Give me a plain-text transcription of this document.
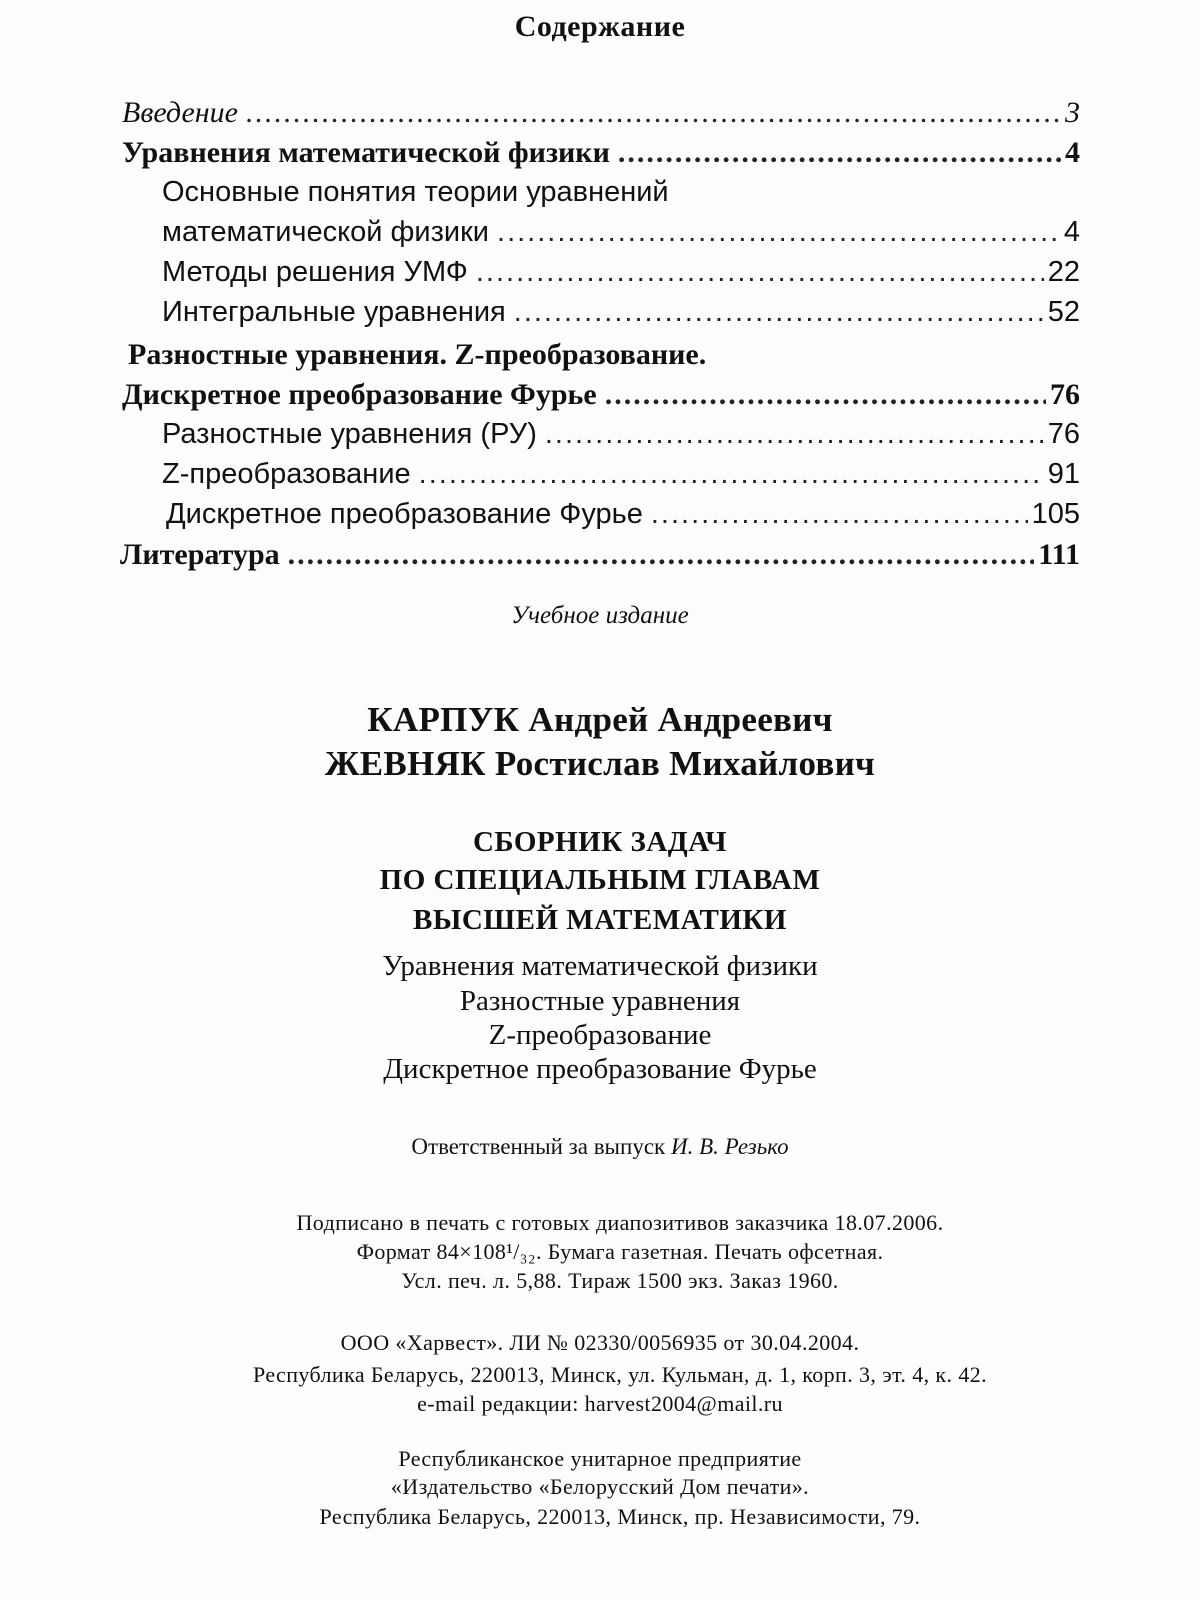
Содержание
Введение .....	3
Уравнения математической физики .....	4
Основные понятия теории уравнений
математической физики .....	4
Методы решения УМФ .....	22
Интегральные уравнения .....	52
Разностные уравнения. Z-преобразование.
Дискретное преобразование Фурье .....	76
Разностные уравнения (РУ) .....	76
Z-преобразование .....	91
Дискретное преобразование Фурье .....	105
Литература .....	111
Учебное издание
КАРПУК Андрей Андреевич
ЖЕВНЯК Ростислав Михайлович
СБОРНИК ЗАДАЧ
ПО СПЕЦИАЛЬНЫМ ГЛАВАМ
ВЫСШЕЙ МАТЕМАТИКИ
Уравнения математической физики
Разностные уравнения
Z-преобразование
Дискретное преобразование Фурье
Ответственный за выпуск И. В. Резько
Подписано в печать с готовых диапозитивов заказчика 18.07.2006.
Формат 84×108¹/₃₂. Бумага газетная. Печать офсетная.
Усл. печ. л. 5,88. Тираж 1500 экз. Заказ 1960.
ООО «Харвест». ЛИ № 02330/0056935 от 30.04.2004.
Республика Беларусь, 220013, Минск, ул. Кульман, д. 1, корп. 3, эт. 4, к. 42.
e-mail редакции: harvest2004@mail.ru
Республиканское унитарное предприятие
«Издательство «Белорусский Дом печати».
Республика Беларусь, 220013, Минск, пр. Независимости, 79.
